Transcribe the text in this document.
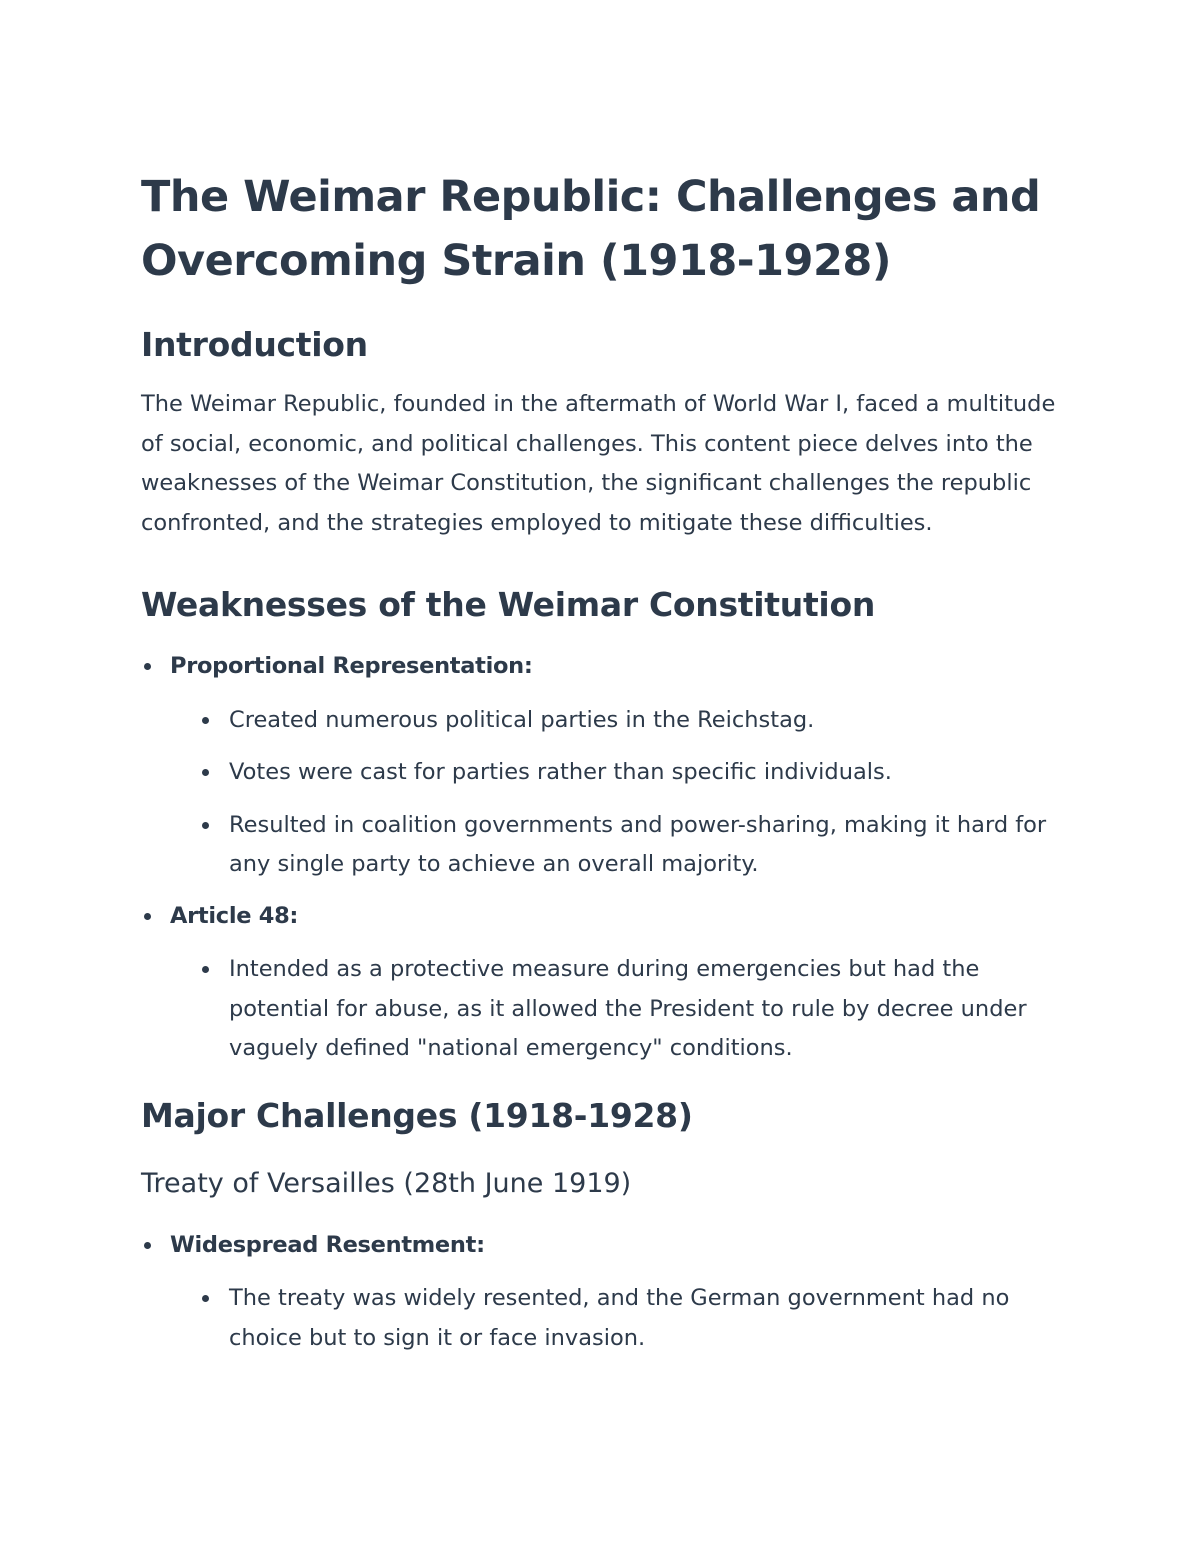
The Weimar Republic: Challenges and Overcoming Strain (1918-1928)
Introduction

The Weimar Republic, founded in the aftermath of World War I, faced a multitude of social, economic, and political challenges. This content piece delves into the weaknesses of the Weimar Constitution, the significant challenges the republic confronted, and the strategies employed to mitigate these difficulties.

Weaknesses of the Weimar Constitution
Proportional Representation:
Created numerous political parties in the Reichstag.
Votes were cast for parties rather than specific individuals.
Resulted in coalition governments and power-sharing, making it hard for any single party to achieve an overall majority.
Article 48:
Intended as a protective measure during emergencies but had the potential for abuse, as it allowed the President to rule by decree under vaguely defined "national emergency" conditions.
Major Challenges (1918-1928)
Treaty of Versailles (28th June 1919)
Widespread Resentment:
The treaty was widely resented, and the German government had no choice but to sign it or face invasion.
